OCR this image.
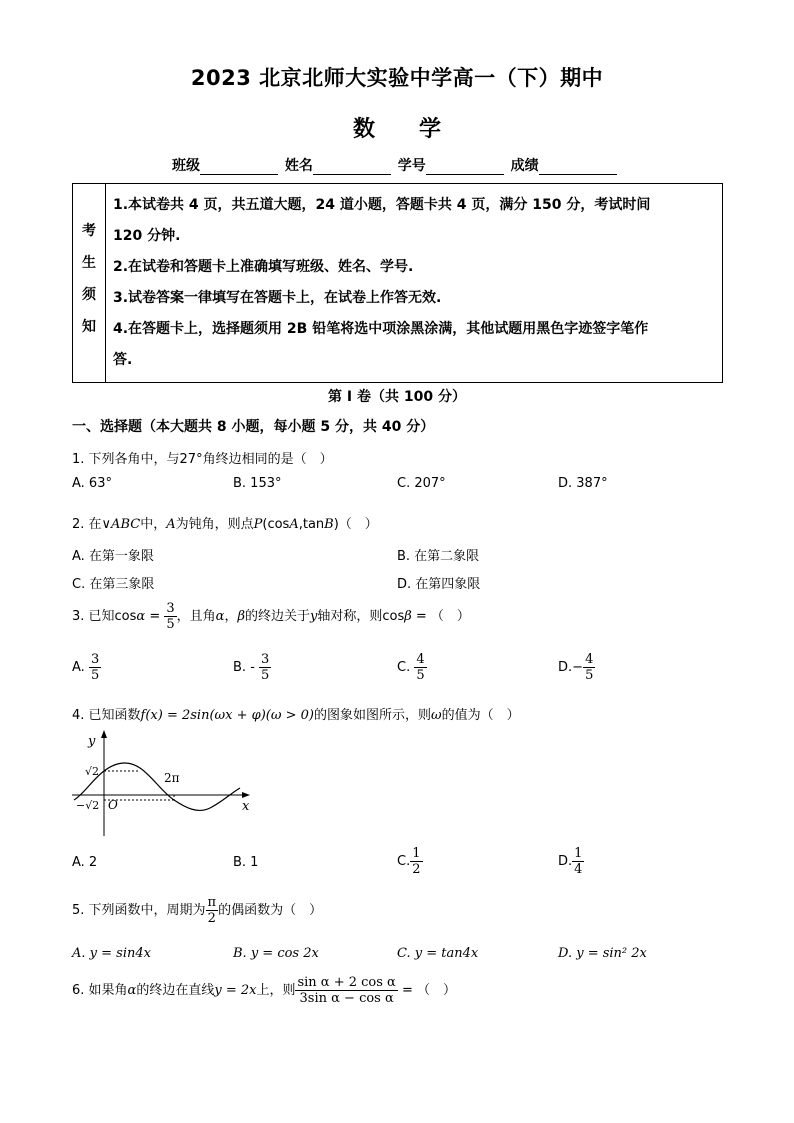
2023 北京北师大实验中学高一（下）期中
数 学
班级	姓名	学号	成绩
考
生
须
知
1.本试卷共 4 页，共五道大题，24 道小题，答题卡共 4 页，满分 150 分，考试时间
120 分钟.
2.在试卷和答题卡上准确填写班级、姓名、学号.
3.试卷答案一律填写在答题卡上，在试卷上作答无效.
4.在答题卡上，选择题须用 2B 铅笔将选中项涂黑涂满，其他试题用黑色字迹签字笔作
答.
第 I 卷（共 100 分）
一、选择题（本大题共 8 小题，每小题 5 分，共 40 分）
1. 下列各角中，与27°角终边相同的是（　）
A. 63°	B. 153°	C. 207°	D. 387°
2. 在∨ABC中，A为钝角，则点P(cosA,tanB)（　）
A. 在第一象限	B. 在第二象限
C. 在第三象限	D. 在第四象限
3. 已知$\cos\alpha = \frac{3}{5}$ ，且角α，β的终边关于y轴对称，则cosβ = （　）
A. $\frac{3}{5}$	B. - $\frac{3}{5}$	C. $\frac{4}{5}$	$D.- \frac{4}{5}$
4. 已知函数f(x) = 2sin(ωx + φ)(ω > 0)的图象如图所示，则ω的值为（　）
y
x
O
√2
−√2
2π
A. 2	B. 1	C. $\frac{1}{2}$	D. $\frac{1}{4}$
5. 下列函数中，周期为 $\frac{\pi}{2}$ 的偶函数为（　）
A. y = sin4x	B. y = cos 2x	C. y = tan4x	D. y = sin² 2x
6. 如果角α的终边在直线y = 2x上，则 $\frac{\text{sin α + 2 cos α}}{\text{3sin α − cos α}}$ = （　）
